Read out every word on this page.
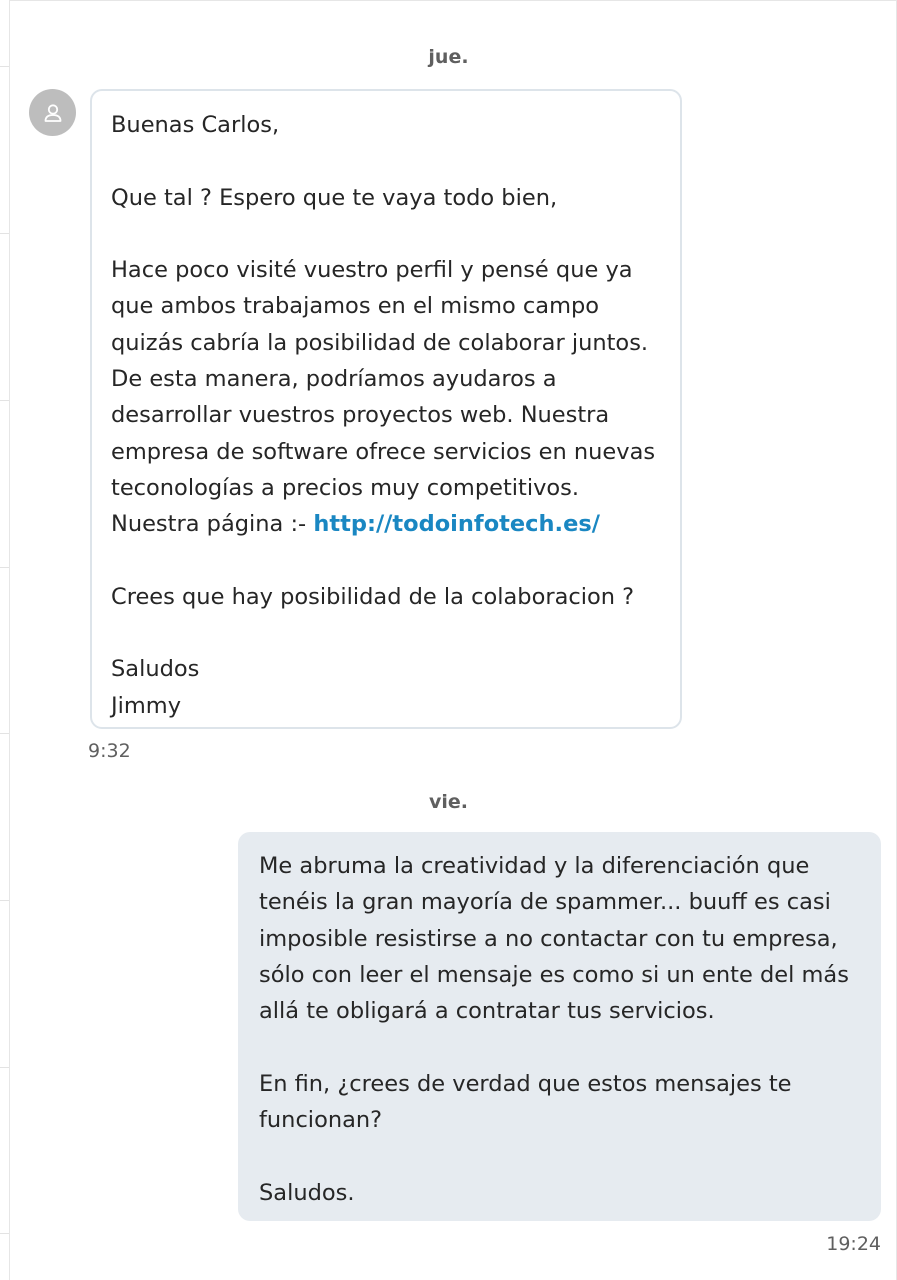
jue.
Buenas Carlos,
Que tal ? Espero que te vaya todo bien,
Hace poco visité vuestro perfil y pensé que ya
que ambos trabajamos en el mismo campo
quizás cabría la posibilidad de colaborar juntos.
De esta manera, podríamos ayudaros a
desarrollar vuestros proyectos web. Nuestra
empresa de software ofrece servicios en nuevas
teconologías a precios muy competitivos.
Nuestra página :- http://todoinfotech.es/
Crees que hay posibilidad de la colaboracion ?
Saludos
Jimmy
9:32
vie.
Me abruma la creatividad y la diferenciación que
tenéis la gran mayoría de spammer... buuff es casi
imposible resistirse a no contactar con tu empresa,
sólo con leer el mensaje es como si un ente del más
allá te obligará a contratar tus servicios.
En fin, ¿crees de verdad que estos mensajes te
funcionan?
Saludos.
19:24
